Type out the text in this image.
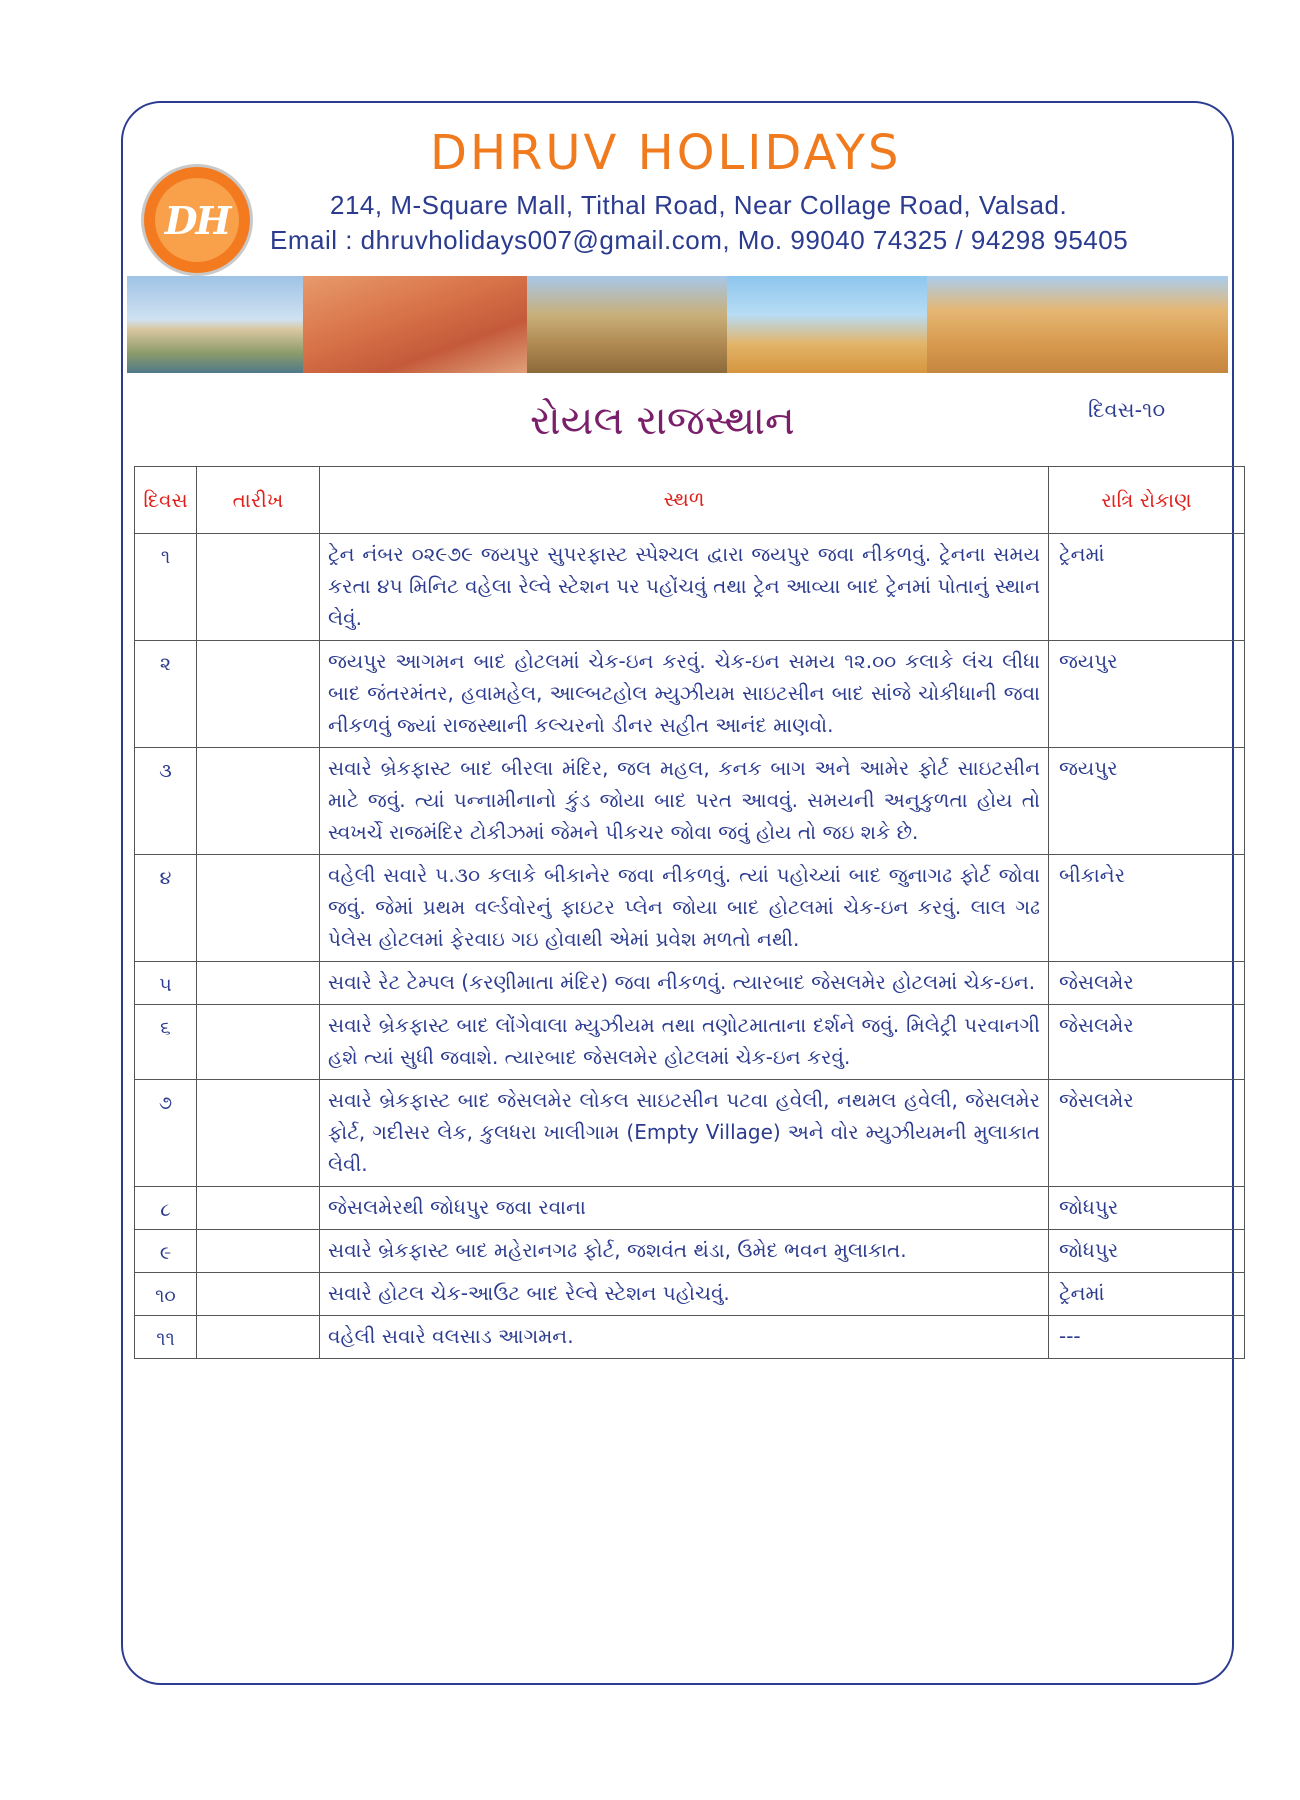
DH
DHRUV HOLIDAYS
214, M-Square Mall, Tithal Road, Near Collage Road, Valsad.
Email : dhruvholidays007@gmail.com, Mo. 99040 74325 / 94298 95405
રોયલ રાજસ્થાન	દિવસ-૧૦
દિવસ	તારીખ	સ્થળ	રાત્રિ રોકાણ
૧		ટ્રેન નંબર ૦૨૯૭૯ જયપુર સુપરફાસ્ટ સ્પેશ્ચલ દ્વારા જયપુર જવા નીકળવું. ટ્રેનના સમય કરતા ૪૫ મિનિટ વહેલા રેલ્વે સ્ટેશન પર પહોંચવું તથા ટ્રેન આવ્યા બાદ ટ્રેનમાં પોતાનું સ્થાન લેવું.	ટ્રેનમાં
૨		જયપુર આગમન બાદ હોટલમાં ચેક-ઇન કરવું. ચેક-ઇન સમય ૧૨.૦૦ કલાકે લંચ લીધા બાદ જંતરમંતર, હવામહેલ, આલ્બટહોલ મ્યુઝીયમ સાઇટસીન બાદ સાંજે ચોકીધાની જવા નીકળવું જ્યાં રાજસ્થાની કલ્ચરનો ડીનર સહીત આનંદ માણવો.	જયપુર
૩		સવારે બ્રેકફાસ્ટ બાદ બીરલા મંદિર, જલ મહલ, કનક બાગ અને આમેર ફોર્ટ સાઇટસીન માટે જવું. ત્યાં પન્નામીનાનો કુંડ જોયા બાદ પરત આવવું. સમયની અનુકુળતા હોય તો સ્વખર્ચે રાજમંદિર ટોકીઝમાં જેમને પીકચર જોવા જવું હોય તો જઇ શકે છે.	જયપુર
૪		વહેલી સવારે ૫.૩૦ કલાકે બીકાનેર જવા નીકળવું. ત્યાં પહોચ્યાં બાદ જુનાગઢ ફોર્ટ જોવા જવું. જેમાં પ્રથમ વર્લ્ડવોરનું ફાઇટર પ્લેન જોયા બાદ હોટલમાં ચેક-ઇન કરવું. લાલ ગઢ પેલેસ હોટલમાં ફેરવાઇ ગઇ હોવાથી એમાં પ્રવેશ મળતો નથી.	બીકાનેર
૫		સવારે રેટ ટેમ્પલ (કરણીમાતા મંદિર) જવા નીકળવું. ત્યારબાદ જેસલમેર હોટલમાં ચેક-ઇન.	જેસલમેર
૬		સવારે બ્રેકફાસ્ટ બાદ લોંગેવાલા મ્યુઝીયમ તથા તણોટમાતાના દર્શને જવું. મિલેટ્રી પરવાનગી હશે ત્યાં સુધી જવાશે. ત્યારબાદ જેસલમેર હોટલમાં ચેક-ઇન કરવું.	જેસલમેર
૭		સવારે બ્રેકફાસ્ટ બાદ જેસલમેર લોકલ સાઇટસીન પટવા હવેલી, નથમલ હવેલી, જેસલમેર ફોર્ટ, ગદીસર લેક, કુલધરા ખાલીગામ (Empty Village) અને વોર મ્યુઝીયમની મુલાકાત લેવી.	જેસલમેર
૮		જેસલમેરથી જોધપુર જવા રવાના	જોધપુર
૯		સવારે બ્રેકફાસ્ટ બાદ મહેરાનગઢ ફોર્ટ, જશવંત થંડા, ઉમેદ ભવન મુલાકાત.	જોધપુર
૧૦		સવારે હોટલ ચેક-આઉટ બાદ રેલ્વે સ્ટેશન પહોચવું.	ટ્રેનમાં
૧૧		વહેલી સવારે વલસાડ આગમન.	---
